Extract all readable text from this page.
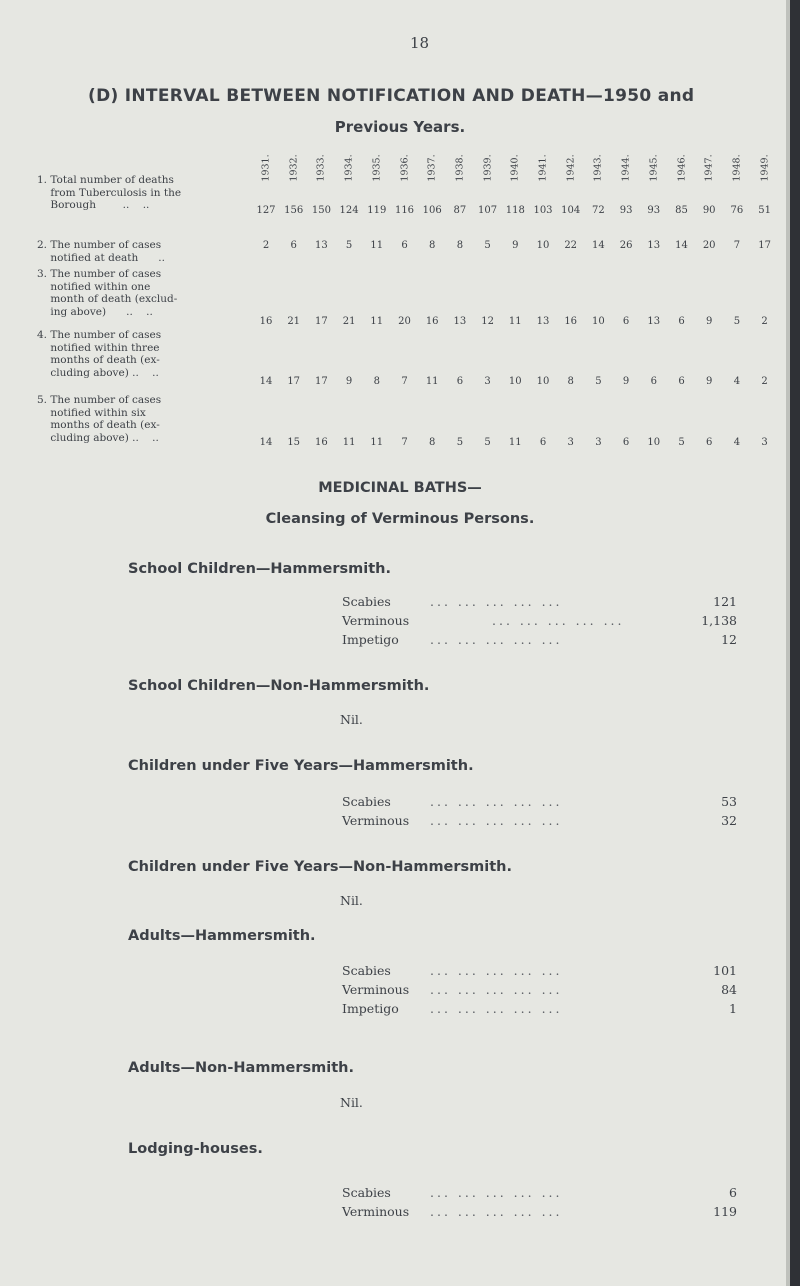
18
(D) INTERVAL BETWEEN NOTIFICATION AND DEATH—1950 and
Previous Years.
1931. 1932. 1933. 1934. 1935. 1936. 1937. 1938. 1939. 1940. 1941. 1942. 1943. 1944. 1945. 1946. 1947. 1948. 1949.
1. Total number of deaths
from Tuberculosis in the
Borough        ..    ..	127 156 150 124 119 116 106	87	107 118 103 104	72	93	93	85	90	76	51
2. The number of cases
notified at death      ..
2	6	13	5	11	6	8	8	5	9	10	22	14	26	13	14	20	7	17
3. The number of cases
notified within one
month of death (exclud-
ing above)      ..    ..
16	21	17	21	11	20	16	13	12	11	13	16	10	6	13	6	9	5	2
4. The number of cases
notified within three
months of death (ex-
cluding above) ..    ..
14	17	17	9	8	7	11	6	3	10	10	8	5	9	6	6	9	4	2
5. The number of cases
notified within six
months of death (ex-
cluding above) ..    ..	14	15	16	11	11	7	8	5	5	11	6	3	3	6	10	5	6	4	3
MEDICINAL BATHS—
Cleansing of Verminous Persons.
School Children—Hammersmith.
Scabies	... ... ... ... ...	121
Verminous	... ... ... ... ...	1,138
Impetigo	... ... ... ... ...	12
School Children—Non-Hammersmith.
Nil.
Children under Five Years—Hammersmith.
Scabies	... ... ... ... ...	53
Verminous ... ... ... ... ...	32
Children under Five Years—Non-Hammersmith.
Nil.
Adults—Hammersmith.
Scabies	... ... ... ... ...	101
Verminous ... ... ... ... ...	84
Impetigo	... ... ... ... ...	1
Adults—Non-Hammersmith.
Nil.
Lodging-houses.
Scabies	... ... ... ... ...	6
Verminous ... ... ... ... ...	119
